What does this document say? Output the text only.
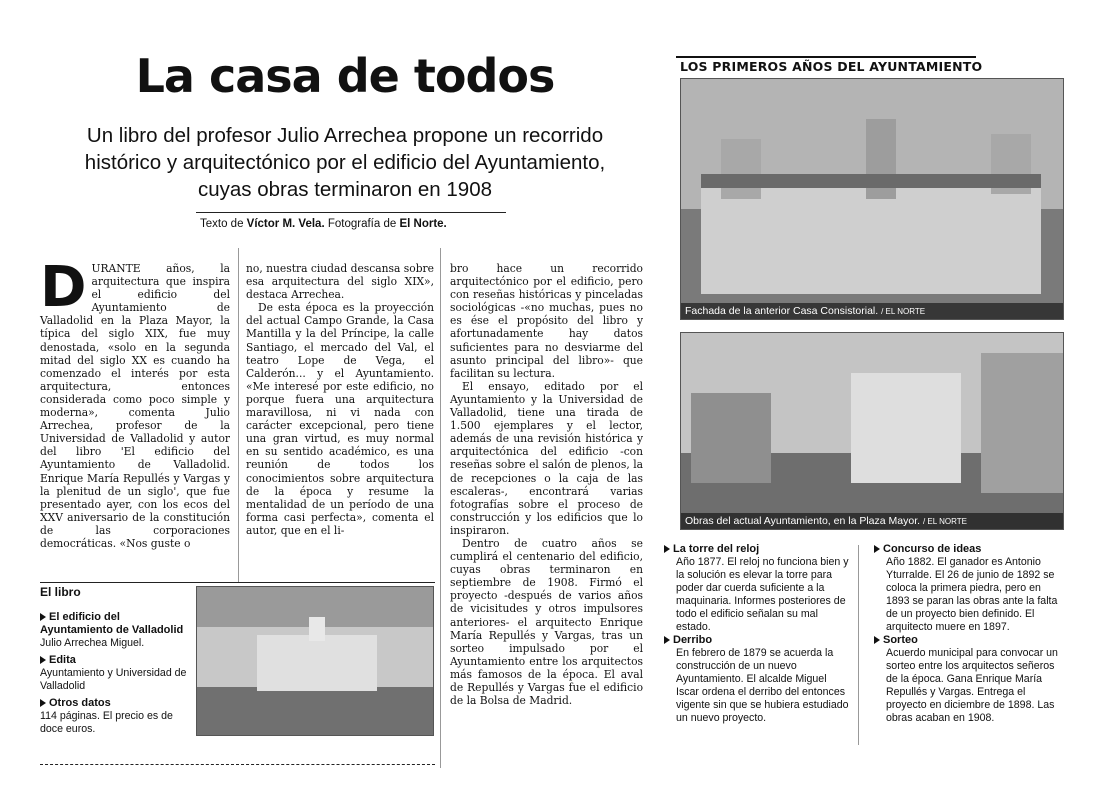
La casa de todos
Un libro del profesor Julio Arrechea propone un recorrido
histórico y arquitectónico por el edificio del Ayuntamiento,
cuyas obras terminaron en 1908
Texto de Víctor M. Vela. Fotografía de El Norte.
D URANTE años, la arquitectura que inspira el edificio del Ayuntamiento de Valladolid en la Plaza Mayor, la típica del siglo XIX, fue muy denostada, «solo en la segunda mitad del siglo XX es cuando ha comenzado el interés por esta arquitectura, entonces considerada como poco simple y moderna», comenta Julio Arrechea, profesor de la Universidad de Valladolid y autor del libro 'El edificio del Ayuntamiento de Valladolid. Enrique María Repullés y Vargas y la plenitud de un siglo', que fue presentado ayer, con los ecos del XXV aniversario de la constitución de las corporaciones democráticas. «Nos guste o

no, nuestra ciudad descansa sobre esa arquitectura del siglo XIX», destaca Arrechea.

De esta época es la proyección del actual Campo Grande, la Casa Mantilla y la del Príncipe, la calle Santiago, el mercado del Val, el teatro Lope de Vega, el Calderón... y el Ayuntamiento. «Me interesé por este edificio, no porque fuera una arquitectura maravillosa, ni vi nada con carácter excepcional, pero tiene una gran virtud, es muy normal en su sentido académico, es una reunión de todos los conocimientos sobre arquitectura de la época y resume la mentalidad de un período de una forma casi perfecta», comenta el autor, que en el li-

bro hace un recorrido arquitectónico por el edificio, pero con reseñas históricas y pinceladas sociológicas -«no muchas, pues no es ése el propósito del libro y afortunadamente hay datos suficientes para no desviarme del asunto principal del libro»- que facilitan su lectura.

El ensayo, editado por el Ayuntamiento y la Universidad de Valladolid, tiene una tirada de 1.500 ejemplares y el lector, además de una revisión histórica y arquitectónica del edificio -con reseñas sobre el salón de plenos, la de recepciones o la caja de las escaleras-, encontrará varias fotografías sobre el proceso de construcción y los edificios que lo inspiraron.

Dentro de cuatro años se cumplirá el centenario del edificio, cuyas obras terminaron en septiembre de 1908. Firmó el proyecto -después de varios años de vicisitudes y otros impulsores anteriores- el arquitecto Enrique María Repullés y Vargas, tras un sorteo impulsado por el Ayuntamiento entre los arquitectos más famosos de la época. El aval de Repullés y Vargas fue el edificio de la Bolsa de Madrid.

El libro
El edificio del Ayuntamiento de Valladolid
Julio Arrechea Miguel.
Edita
Ayuntamiento y Universidad de Valladolid
Otros datos
114 páginas. El precio es de doce euros.
LOS PRIMEROS AÑOS DEL AYUNTAMIENTO
Fachada de la anterior Casa Consistorial. / EL NORTE
Obras del actual Ayuntamiento, en la Plaza Mayor. / EL NORTE
La torre del reloj
Año 1877. El reloj no funciona bien y la solución es elevar la torre para poder dar cuerda suficiente a la maquinaria. Informes posteriores de todo el edificio señalan su mal estado.
Derribo
En febrero de 1879 se acuerda la construcción de un nuevo Ayuntamiento. El alcalde Miguel Iscar ordena el derribo del entonces vigente sin que se hubiera estudiado un nuevo proyecto.
Concurso de ideas
Año 1882. El ganador es Antonio Yturralde. El 26 de junio de 1892 se coloca la primera piedra, pero en 1893 se paran las obras ante la falta de un proyecto bien definido. El arquitecto muere en 1897.
Sorteo
Acuerdo municipal para convocar un sorteo entre los arquitectos señeros de la época. Gana Enrique María Repullés y Vargas. Entrega el proyecto en diciembre de 1898. Las obras acaban en 1908.
